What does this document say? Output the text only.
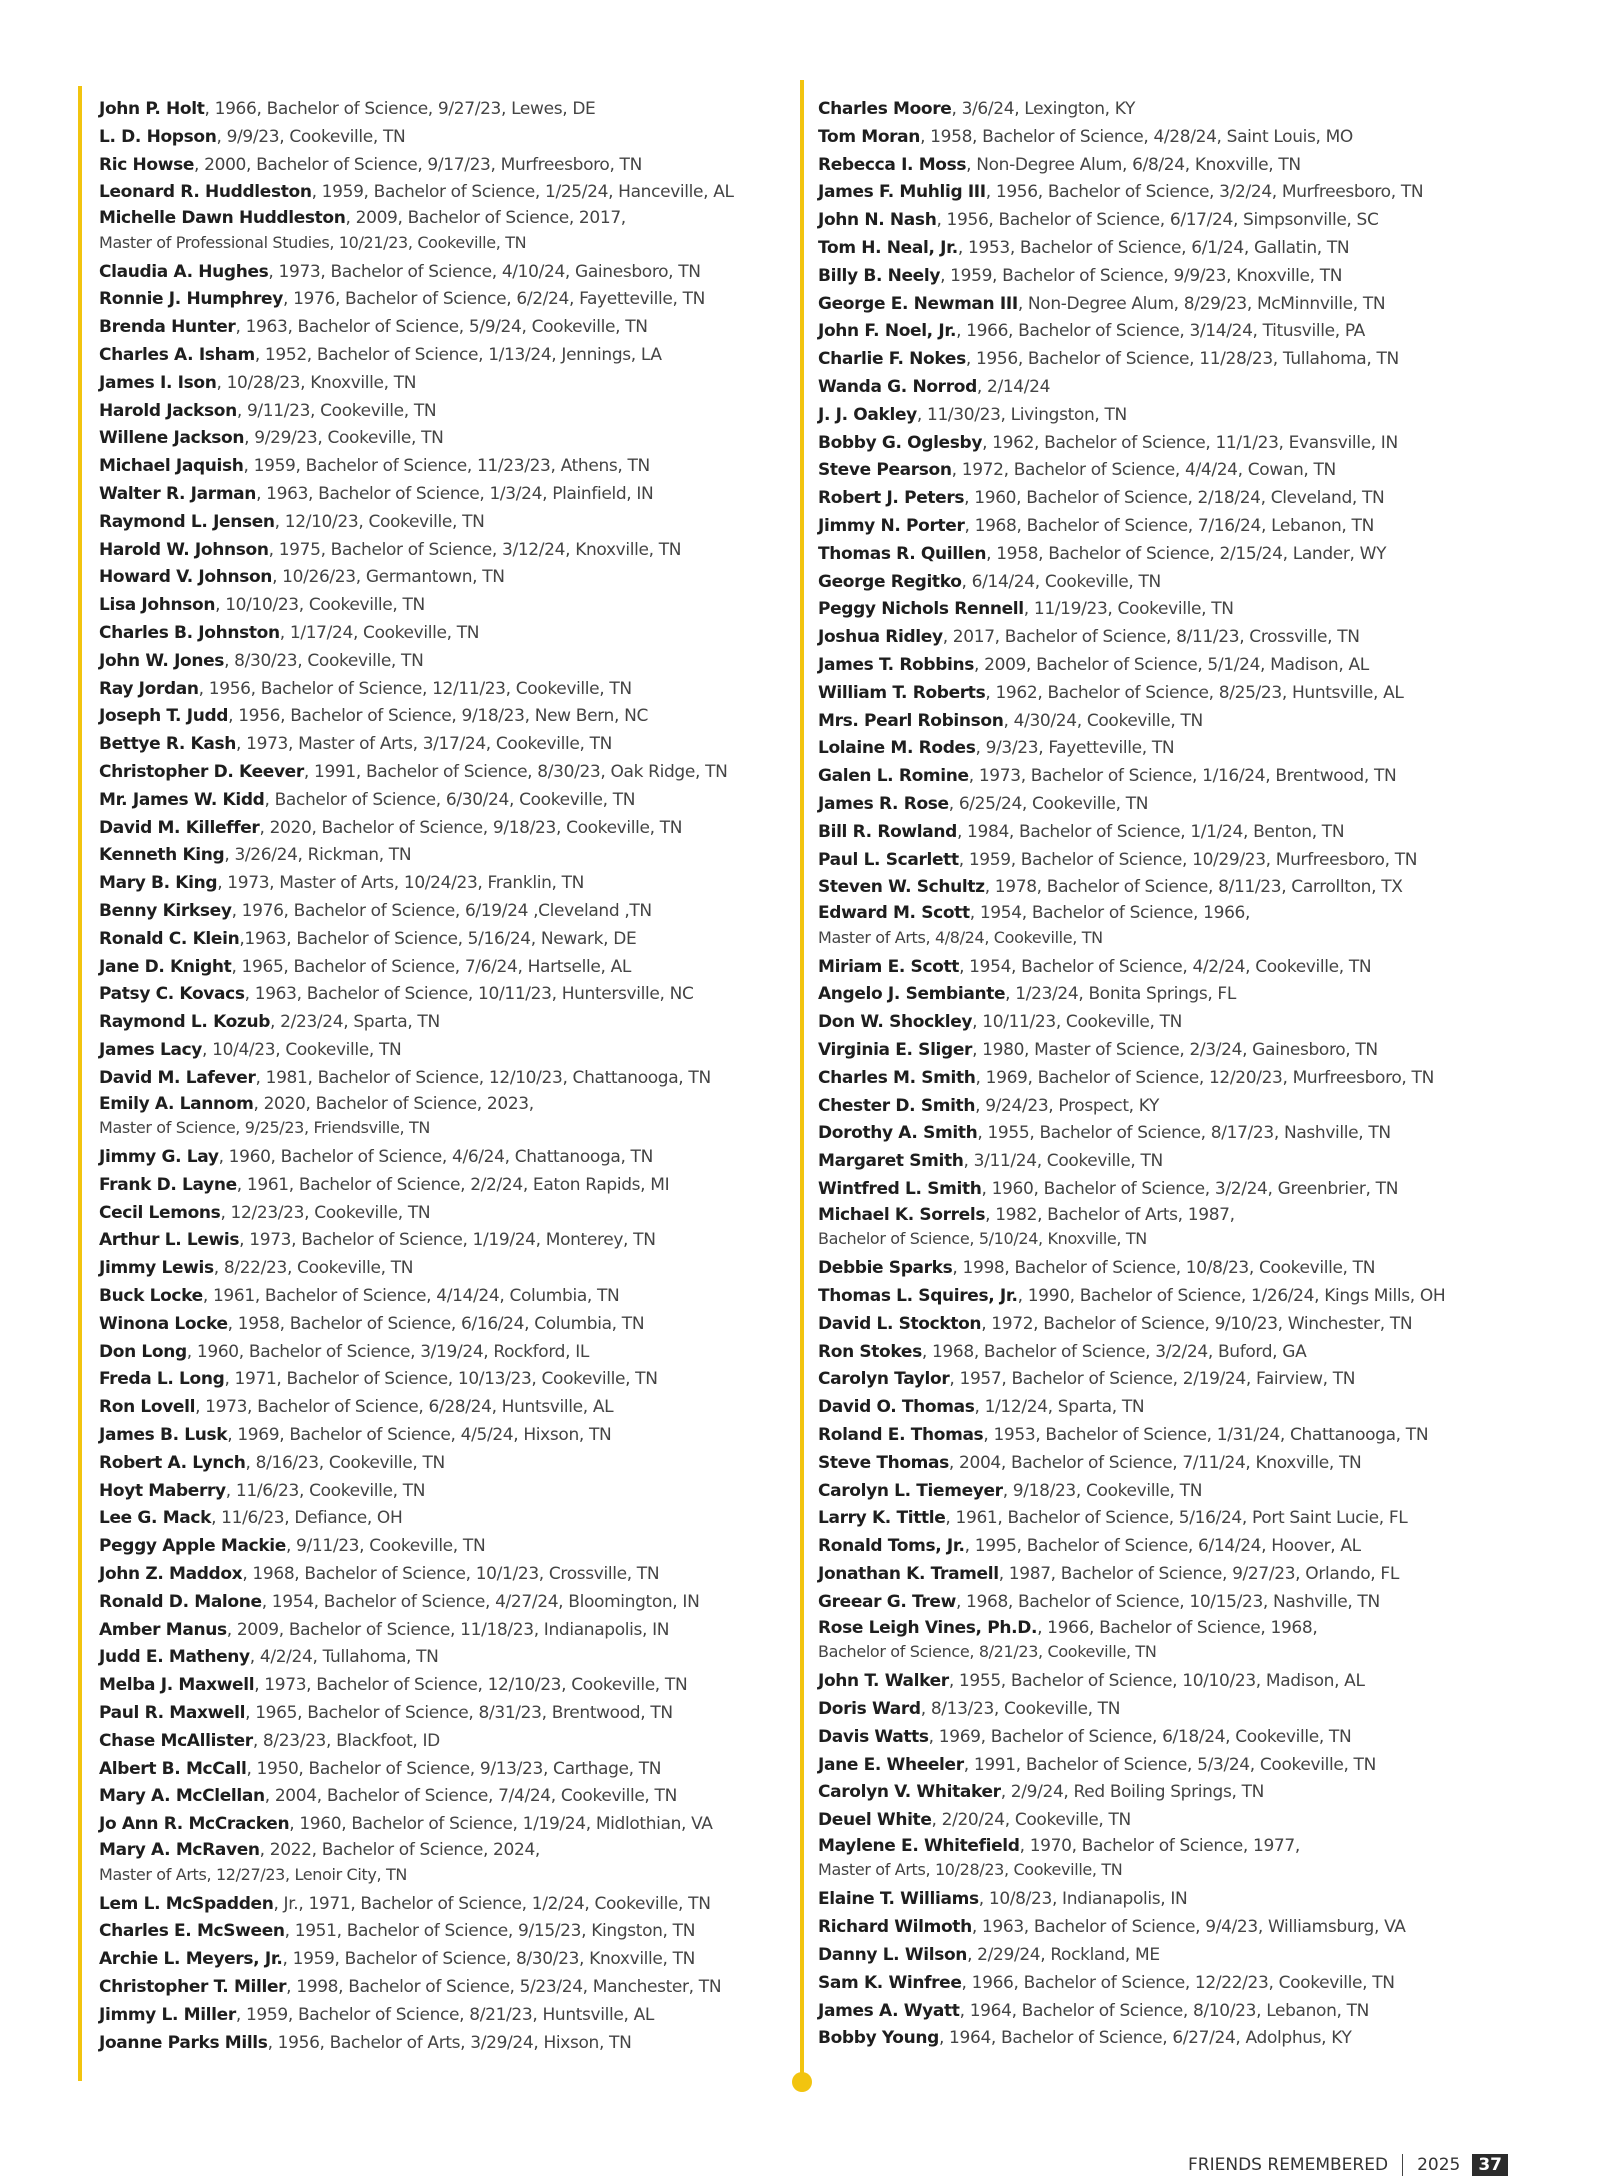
John P. Holt, 1966, Bachelor of Science, 9/27/23, Lewes, DE
L. D. Hopson, 9/9/23, Cookeville, TN
Ric Howse, 2000, Bachelor of Science, 9/17/23, Murfreesboro, TN
Leonard R. Huddleston, 1959, Bachelor of Science, 1/25/24, Hanceville, AL
Michelle Dawn Huddleston, 2009, Bachelor of Science, 2017,
Master of Professional Studies, 10/21/23, Cookeville, TN
Claudia A. Hughes, 1973, Bachelor of Science, 4/10/24, Gainesboro, TN
Ronnie J. Humphrey, 1976, Bachelor of Science, 6/2/24, Fayetteville, TN
Brenda Hunter, 1963, Bachelor of Science, 5/9/24, Cookeville, TN
Charles A. Isham, 1952, Bachelor of Science, 1/13/24, Jennings, LA
James I. Ison, 10/28/23, Knoxville, TN
Harold Jackson, 9/11/23, Cookeville, TN
Willene Jackson, 9/29/23, Cookeville, TN
Michael Jaquish, 1959, Bachelor of Science, 11/23/23, Athens, TN
Walter R. Jarman, 1963, Bachelor of Science, 1/3/24, Plainfield, IN
Raymond L. Jensen, 12/10/23, Cookeville, TN
Harold W. Johnson, 1975, Bachelor of Science, 3/12/24, Knoxville, TN
Howard V. Johnson, 10/26/23, Germantown, TN
Lisa Johnson, 10/10/23, Cookeville, TN
Charles B. Johnston, 1/17/24, Cookeville, TN
John W. Jones, 8/30/23, Cookeville, TN
Ray Jordan, 1956, Bachelor of Science, 12/11/23, Cookeville, TN
Joseph T. Judd, 1956, Bachelor of Science, 9/18/23, New Bern, NC
Bettye R. Kash, 1973, Master of Arts, 3/17/24, Cookeville, TN
Christopher D. Keever, 1991, Bachelor of Science, 8/30/23, Oak Ridge, TN
Mr. James W. Kidd, Bachelor of Science, 6/30/24, Cookeville, TN
David M. Killeffer, 2020, Bachelor of Science, 9/18/23, Cookeville, TN
Kenneth King, 3/26/24, Rickman, TN
Mary B. King, 1973, Master of Arts, 10/24/23, Franklin, TN
Benny Kirksey, 1976, Bachelor of Science, 6/19/24 ,Cleveland ,TN
Ronald C. Klein,1963, Bachelor of Science, 5/16/24, Newark, DE
Jane D. Knight, 1965, Bachelor of Science, 7/6/24, Hartselle, AL
Patsy C. Kovacs, 1963, Bachelor of Science, 10/11/23, Huntersville, NC
Raymond L. Kozub, 2/23/24, Sparta, TN
James Lacy, 10/4/23, Cookeville, TN
David M. Lafever, 1981, Bachelor of Science, 12/10/23, Chattanooga, TN
Emily A. Lannom, 2020, Bachelor of Science, 2023,
Master of Science, 9/25/23, Friendsville, TN
Jimmy G. Lay, 1960, Bachelor of Science, 4/6/24, Chattanooga, TN
Frank D. Layne, 1961, Bachelor of Science, 2/2/24, Eaton Rapids, MI
Cecil Lemons, 12/23/23, Cookeville, TN
Arthur L. Lewis, 1973, Bachelor of Science, 1/19/24, Monterey, TN
Jimmy Lewis, 8/22/23, Cookeville, TN
Buck Locke, 1961, Bachelor of Science, 4/14/24, Columbia, TN
Winona Locke, 1958, Bachelor of Science, 6/16/24, Columbia, TN
Don Long, 1960, Bachelor of Science, 3/19/24, Rockford, IL
Freda L. Long, 1971, Bachelor of Science, 10/13/23, Cookeville, TN
Ron Lovell, 1973, Bachelor of Science, 6/28/24, Huntsville, AL
James B. Lusk, 1969, Bachelor of Science, 4/5/24, Hixson, TN
Robert A. Lynch, 8/16/23, Cookeville, TN
Hoyt Maberry, 11/6/23, Cookeville, TN
Lee G. Mack, 11/6/23, Defiance, OH
Peggy Apple Mackie, 9/11/23, Cookeville, TN
John Z. Maddox, 1968, Bachelor of Science, 10/1/23, Crossville, TN
Ronald D. Malone, 1954, Bachelor of Science, 4/27/24, Bloomington, IN
Amber Manus, 2009, Bachelor of Science, 11/18/23, Indianapolis, IN
Judd E. Matheny, 4/2/24, Tullahoma, TN
Melba J. Maxwell, 1973, Bachelor of Science, 12/10/23, Cookeville, TN
Paul R. Maxwell, 1965, Bachelor of Science, 8/31/23, Brentwood, TN
Chase McAllister, 8/23/23, Blackfoot, ID
Albert B. McCall, 1950, Bachelor of Science, 9/13/23, Carthage, TN
Mary A. McClellan, 2004, Bachelor of Science, 7/4/24, Cookeville, TN
Jo Ann R. McCracken, 1960, Bachelor of Science, 1/19/24, Midlothian, VA
Mary A. McRaven, 2022, Bachelor of Science, 2024,
Master of Arts, 12/27/23, Lenoir City, TN
Lem L. McSpadden, Jr., 1971, Bachelor of Science, 1/2/24, Cookeville, TN
Charles E. McSween, 1951, Bachelor of Science, 9/15/23, Kingston, TN
Archie L. Meyers, Jr., 1959, Bachelor of Science, 8/30/23, Knoxville, TN
Christopher T. Miller, 1998, Bachelor of Science, 5/23/24, Manchester, TN
Jimmy L. Miller, 1959, Bachelor of Science, 8/21/23, Huntsville, AL
Joanne Parks Mills, 1956, Bachelor of Arts, 3/29/24, Hixson, TN
Charles Moore, 3/6/24, Lexington, KY
Tom Moran, 1958, Bachelor of Science, 4/28/24, Saint Louis, MO
Rebecca I. Moss, Non-Degree Alum, 6/8/24, Knoxville, TN
James F. Muhlig III, 1956, Bachelor of Science, 3/2/24, Murfreesboro, TN
John N. Nash, 1956, Bachelor of Science, 6/17/24, Simpsonville, SC
Tom H. Neal, Jr., 1953, Bachelor of Science, 6/1/24, Gallatin, TN
Billy B. Neely, 1959, Bachelor of Science, 9/9/23, Knoxville, TN
George E. Newman III, Non-Degree Alum, 8/29/23, McMinnville, TN
John F. Noel, Jr., 1966, Bachelor of Science, 3/14/24, Titusville, PA
Charlie F. Nokes, 1956, Bachelor of Science, 11/28/23, Tullahoma, TN
Wanda G. Norrod, 2/14/24
J. J. Oakley, 11/30/23, Livingston, TN
Bobby G. Oglesby, 1962, Bachelor of Science, 11/1/23, Evansville, IN
Steve Pearson, 1972, Bachelor of Science, 4/4/24, Cowan, TN
Robert J. Peters, 1960, Bachelor of Science, 2/18/24, Cleveland, TN
Jimmy N. Porter, 1968, Bachelor of Science, 7/16/24, Lebanon, TN
Thomas R. Quillen, 1958, Bachelor of Science, 2/15/24, Lander, WY
George Regitko, 6/14/24, Cookeville, TN
Peggy Nichols Rennell, 11/19/23, Cookeville, TN
Joshua Ridley, 2017, Bachelor of Science, 8/11/23, Crossville, TN
James T. Robbins, 2009, Bachelor of Science, 5/1/24, Madison, AL
William T. Roberts, 1962, Bachelor of Science, 8/25/23, Huntsville, AL
Mrs. Pearl Robinson, 4/30/24, Cookeville, TN
Lolaine M. Rodes, 9/3/23, Fayetteville, TN
Galen L. Romine, 1973, Bachelor of Science, 1/16/24, Brentwood, TN
James R. Rose, 6/25/24, Cookeville, TN
Bill R. Rowland, 1984, Bachelor of Science, 1/1/24, Benton, TN
Paul L. Scarlett, 1959, Bachelor of Science, 10/29/23, Murfreesboro, TN
Steven W. Schultz, 1978, Bachelor of Science, 8/11/23, Carrollton, TX
Edward M. Scott, 1954, Bachelor of Science, 1966,
Master of Arts, 4/8/24, Cookeville, TN
Miriam E. Scott, 1954, Bachelor of Science, 4/2/24, Cookeville, TN
Angelo J. Sembiante, 1/23/24, Bonita Springs, FL
Don W. Shockley, 10/11/23, Cookeville, TN
Virginia E. Sliger, 1980, Master of Science, 2/3/24, Gainesboro, TN
Charles M. Smith, 1969, Bachelor of Science, 12/20/23, Murfreesboro, TN
Chester D. Smith, 9/24/23, Prospect, KY
Dorothy A. Smith, 1955, Bachelor of Science, 8/17/23, Nashville, TN
Margaret Smith, 3/11/24, Cookeville, TN
Wintfred L. Smith, 1960, Bachelor of Science, 3/2/24, Greenbrier, TN
Michael K. Sorrels, 1982, Bachelor of Arts, 1987,
Bachelor of Science, 5/10/24, Knoxville, TN
Debbie Sparks, 1998, Bachelor of Science, 10/8/23, Cookeville, TN
Thomas L. Squires, Jr., 1990, Bachelor of Science, 1/26/24, Kings Mills, OH
David L. Stockton, 1972, Bachelor of Science, 9/10/23, Winchester, TN
Ron Stokes, 1968, Bachelor of Science, 3/2/24, Buford, GA
Carolyn Taylor, 1957, Bachelor of Science, 2/19/24, Fairview, TN
David O. Thomas, 1/12/24, Sparta, TN
Roland E. Thomas, 1953, Bachelor of Science, 1/31/24, Chattanooga, TN
Steve Thomas, 2004, Bachelor of Science, 7/11/24, Knoxville, TN
Carolyn L. Tiemeyer, 9/18/23, Cookeville, TN
Larry K. Tittle, 1961, Bachelor of Science, 5/16/24, Port Saint Lucie, FL
Ronald Toms, Jr., 1995, Bachelor of Science, 6/14/24, Hoover, AL
Jonathan K. Tramell, 1987, Bachelor of Science, 9/27/23, Orlando, FL
Greear G. Trew, 1968, Bachelor of Science, 10/15/23, Nashville, TN
Rose Leigh Vines, Ph.D., 1966, Bachelor of Science, 1968,
Bachelor of Science, 8/21/23, Cookeville, TN
John T. Walker, 1955, Bachelor of Science, 10/10/23, Madison, AL
Doris Ward, 8/13/23, Cookeville, TN
Davis Watts, 1969, Bachelor of Science, 6/18/24, Cookeville, TN
Jane E. Wheeler, 1991, Bachelor of Science, 5/3/24, Cookeville, TN
Carolyn V. Whitaker, 2/9/24, Red Boiling Springs, TN
Deuel White, 2/20/24, Cookeville, TN
Maylene E. Whitefield, 1970, Bachelor of Science, 1977,
Master of Arts, 10/28/23, Cookeville, TN
Elaine T. Williams, 10/8/23, Indianapolis, IN
Richard Wilmoth, 1963, Bachelor of Science, 9/4/23, Williamsburg, VA
Danny L. Wilson, 2/29/24, Rockland, ME
Sam K. Winfree, 1966, Bachelor of Science, 12/22/23, Cookeville, TN
James A. Wyatt, 1964, Bachelor of Science, 8/10/23, Lebanon, TN
Bobby Young, 1964, Bachelor of Science, 6/27/24, Adolphus, KY
FRIENDS REMEMBERED 2025	37
